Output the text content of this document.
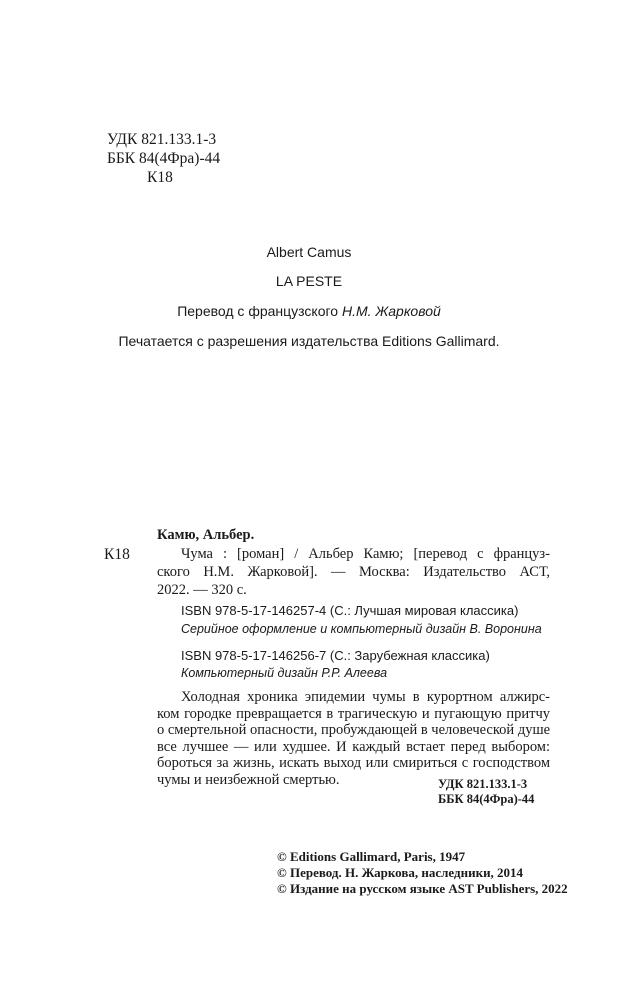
УДК 821.133.1-3
ББК 84(4Фра)-44
К18
Albert Camus
LA PESTE
Перевод с французского Н.М. Жарковой
Печатается с разрешения издательства Editions Gallimard.
К18
Камю, Альбер.
Чума : [роман] / Альбер Камю; [перевод с францyз-
ского Н.М. Жарковой]. — Москва: Издательство АСТ,
2022. — 320 с.
ISBN 978-5-17-146257-4 (С.: Лучшая мировая классика)
Серийное оформление и компьютерный дизайн В. Воронина
ISBN 978-5-17-146256-7 (С.: Зарубежная классика)
Компьютерный дизайн Р.Р. Алеева
Холодная хроника эпидемии чумы в курортном алжирс-
ком городке превращается в трагическую и пугающую притчу
о смертельной опасности, пробуждающей в человеческой душе
все лучшее — или худшее. И каждый встает перед выбором:
бороться за жизнь, искать выход или смириться с господством
чумы и неизбежной смертью.	УДК 821.133.1-3
ББК 84(4Фра)-44
© Editions Gallimard, Paris, 1947
© Перевод. Н. Жаркова, наследники, 2014
© Издание на русском языке AST Publishers, 2022
